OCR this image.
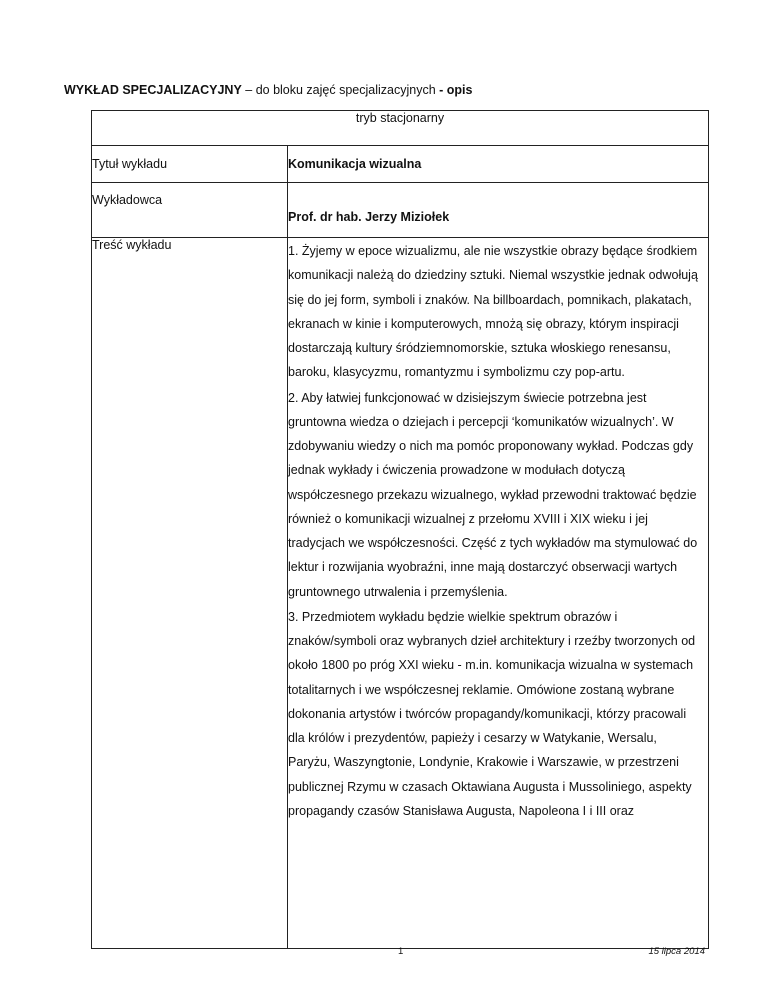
WYKŁAD SPECJALIZACYJNY – do bloku zajęć specjalizacyjnych - opis
tryb stacjonarny	

Tytuł wykładu	Komunikacja wizualna

Wykładowca	Prof. dr hab. Jerzy Miziołek

Treść wykładu	1. Żyjemy w epoce wizualizmu, ale nie wszystkie obrazy będące środkiem komunikacji należą do dziedziny sztuki. Niemal wszystkie jednak odwołują się do jej form, symboli i znaków. Na billboardach, pomnikach, plakatach, ekranach w kinie i komputerowych, mnożą się obrazy, którym inspiracji dostarczają kultury śródziemnomorskie, sztuka włoskiego renesansu, baroku, klasycyzmu, romantyzmu i symbolizmu czy pop-artu.
2. Aby łatwiej funkcjonować w dzisiejszym świecie potrzebna jest gruntowna wiedza o dziejach i percepcji ‘komunikatów wizualnych’. W zdobywaniu wiedzy o nich ma pomóc proponowany wykład. Podczas gdy jednak wykłady i ćwiczenia prowadzone w modułach dotyczą współczesnego przekazu wizualnego, wykład przewodni traktować będzie również o komunikacji wizualnej z przełomu XVIII i XIX wieku i jej tradycjach we współczesności. Część z tych wykładów ma stymulować do lektur i rozwijania wyobraźni, inne mają dostarczyć obserwacji wartych gruntownego utrwalenia i przemyślenia.
3. Przedmiotem wykładu będzie wielkie spektrum obrazów i znaków/symboli oraz wybranych dzieł architektury i rzeźby tworzonych od około 1800 po próg XXI wieku - m.in. komunikacja wizualna w systemach totalitarnych i we współczesnej reklamie. Omówione zostaną wybrane dokonania artystów i twórców propagandy/komunikacji, którzy pracowali dla królów i prezydentów, papieży i cesarzy w Watykanie, Wersalu, Paryżu, Waszyngtonie, Londynie, Krakowie i Warszawie, w przestrzeni publicznej Rzymu w czasach Oktawiana Augusta i Mussoliniego, aspekty propagandy czasów Stanisława Augusta, Napoleona I i III oraz
1	15 lipca 2014
